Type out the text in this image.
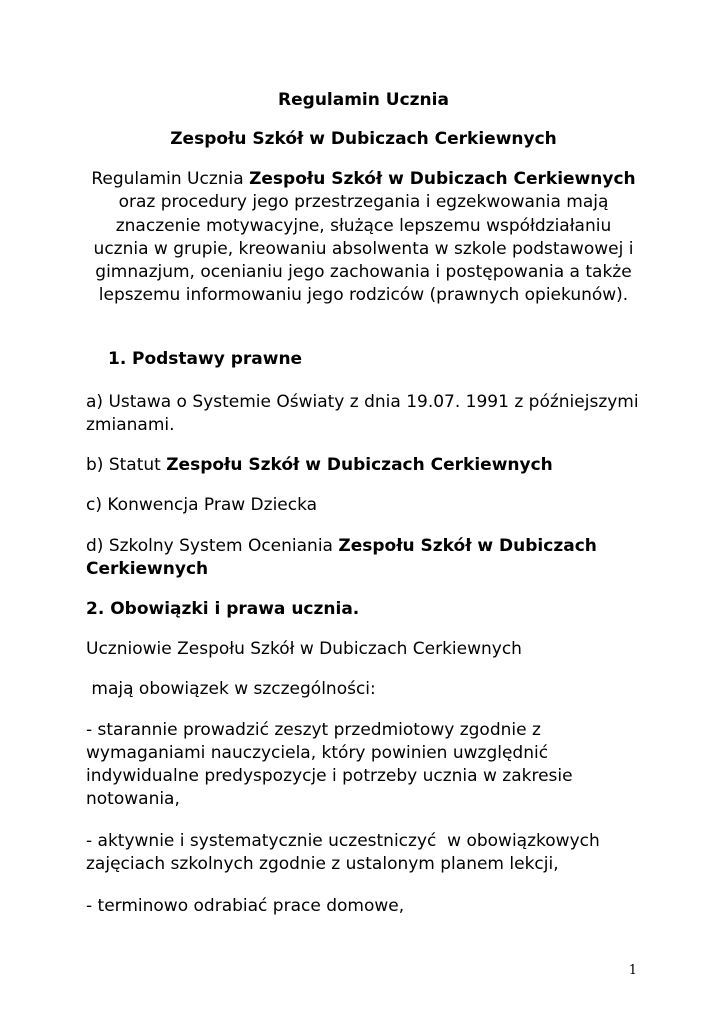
Regulamin Ucznia
Zespołu Szkół w Dubiczach Cerkiewnych

Regulamin Ucznia Zespołu Szkół w Dubiczach Cerkiewnych oraz procedury jego przestrzegania i egzekwowania mają znaczenie motywacyjne, służące lepszemu współdziałaniu ucznia w grupie, kreowaniu absolwenta w szkole podstawowej i gimnazjum, ocenianiu jego zachowania i postępowania a także lepszemu informowaniu jego rodziców (prawnych opiekunów).

1. Podstawy prawne

a) Ustawa o Systemie Oświaty z dnia 19.07. 1991 z późniejszymi zmianami.

b) Statut Zespołu Szkół w Dubiczach Cerkiewnych

c) Konwencja Praw Dziecka

d) Szkolny System Oceniania Zespołu Szkół w Dubiczach Cerkiewnych

2. Obowiązki i prawa ucznia.

Uczniowie Zespołu Szkół w Dubiczach Cerkiewnych

mają obowiązek w szczególności:

- starannie prowadzić zeszyt przedmiotowy zgodnie z wymaganiami nauczyciela, który powinien uwzględnić indywidualne predyspozycje i potrzeby ucznia w zakresie notowania,

- aktywnie i systematycznie uczestniczyć  w obowiązkowych zajęciach szkolnych zgodnie z ustalonym planem lekcji,

- terminowo odrabiać prace domowe,

1
